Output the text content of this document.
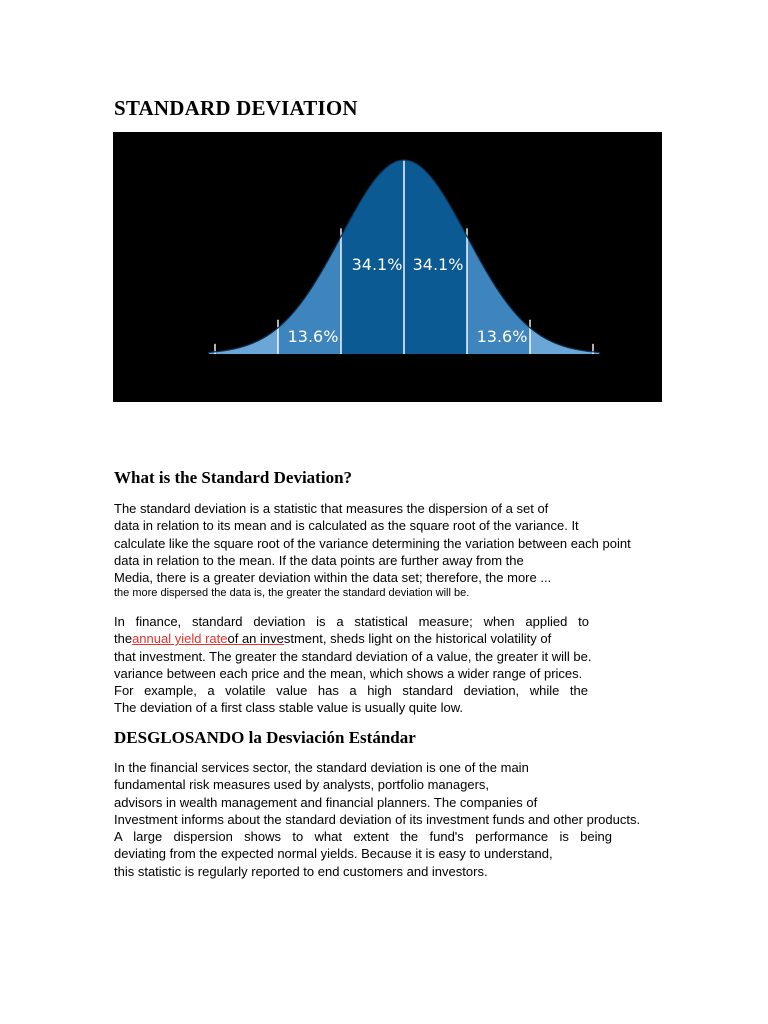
STANDARD DEVIATION
13.6%
34.1% 34.1%
13.6%
What is the Standard Deviation?
The standard deviation is a statistic that measures the dispersion of a set of
data in relation to its mean and is calculated as the square root of the variance. It
calculate like the square root of the variance determining the variation between each point
data in relation to the mean. If the data points are further away from the
Media, there is a greater deviation within the data set; therefore, the more ...
the more dispersed the data is, the greater the standard deviation will be.
In finance, standard deviation is a statistical measure; when applied to
theannual yield rateof an investment, sheds light on the historical volatility of
that investment. The greater the standard deviation of a value, the greater it will be.
variance between each price and the mean, which shows a wider range of prices.
For example, a volatile value has a high standard deviation, while the
The deviation of a first class stable value is usually quite low.
DESGLOSANDO la Desviación Estándar
In the financial services sector, the standard deviation is one of the main
fundamental risk measures used by analysts, portfolio managers,
advisors in wealth management and financial planners. The companies of
Investment informs about the standard deviation of its investment funds and other products.
A large dispersion shows to what extent the fund's performance is being
deviating from the expected normal yields. Because it is easy to understand,
this statistic is regularly reported to end customers and investors.
